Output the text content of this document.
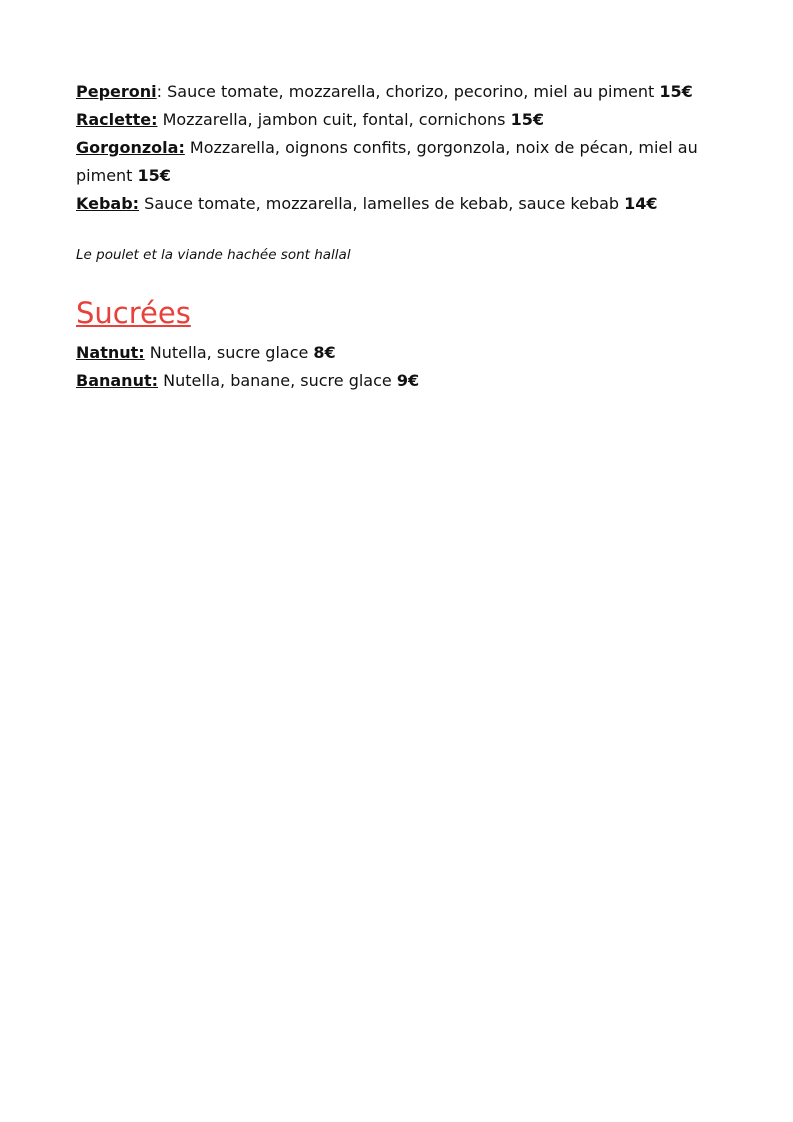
Peperoni: Sauce tomate, mozzarella, chorizo, pecorino, miel au piment 15€

Raclette: Mozzarella, jambon cuit, fontal, cornichons 15€

Gorgonzola: Mozzarella, oignons confits, gorgonzola, noix de pécan, miel au piment 15€

Kebab: Sauce tomate, mozzarella, lamelles de kebab, sauce kebab 14€

Le poulet et la viande hachée sont hallal

Sucrées

Natnut: Nutella, sucre glace 8€

Bananut: Nutella, banane, sucre glace 9€
